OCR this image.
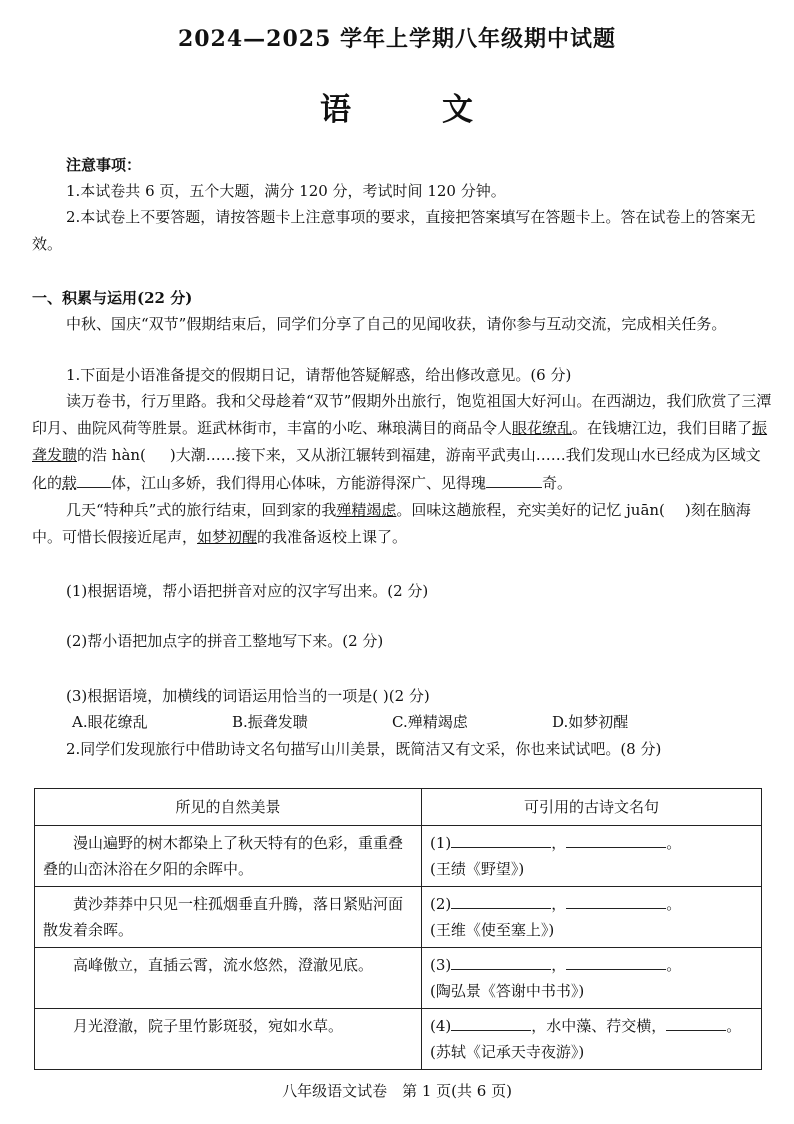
2024—2025 学年上学期八年级期中试题
语	文
注意事项：
1.本试卷共 6 页，五个大题，满分 120 分，考试时间 120 分钟。
2.本试卷上不要答题，请按答题卡上注意事项的要求，直接把答案填写在答题卡上。答在试卷上的答案无效。
一、积累与运用(22 分)
中秋、国庆“双节”假期结束后，同学们分享了自己的见闻收获，请你参与互动交流，完成相关任务。
1.下面是小语准备提交的假期日记，请帮他答疑解惑，给出修改意见。(6 分)

读万卷书，行万里路。我和父母趁着“双节”假期外出旅行，饱览祖国大好河山。在西湖边，我们欣赏了三潭印月、曲院风荷等胜景。逛武林街市，丰富的小吃、琳琅满目的商品令人眼花缭乱。在钱塘江边，我们目睹了振聋发聩的浩 hàn( )大潮……接下来，又从浙江辗转到福建，游南平武夷山……我们发现山水已经成为区域文化的载 体，江山多娇，我们得用心体味，方能游得深广、见得瑰	奇。

几天“特种兵”式的旅行结束，回到家的我殚精竭虑。回味这趟旅程，充实美好的记忆 juān( )刻在脑海中。可惜长假接近尾声，如梦初醒的我准备返校上课了。

(1)根据语境，帮小语把拼音对应的汉字写出来。(2 分)
(2)帮小语把加点字的拼音工整地写下来。(2 分)
(3)根据语境，加横线的词语运用恰当的一项是( )(2 分)
A.眼花缭乱	B.振聋发聩	C.殚精竭虑	D.如梦初醒
2.同学们发现旅行中借助诗文名句描写山川美景，既简洁又有文采，你也来试试吧。(8 分)
所见的自然美景	可引用的古诗文名句
漫山遍野的树木都染上了秋天特有的色彩，重重叠叠的山峦沐浴在夕阳的余晖中。	(1) ， 。
(王绩《野望》)
黄沙莽莽中只见一柱孤烟垂直升腾，落日紧贴河面散发着余晖。	(2) ， 。
(王维《使至塞上》)
高峰傲立，直插云霄，流水悠然，澄澈见底。	(3) ， 。
(陶弘景《答谢中书书》)
月光澄澈，院子里竹影斑驳，宛如水草。	(4) ，水中藻、荇交横， 。
(苏轼《记承天寺夜游》)
八年级语文试卷　第 1 页(共 6 页)
